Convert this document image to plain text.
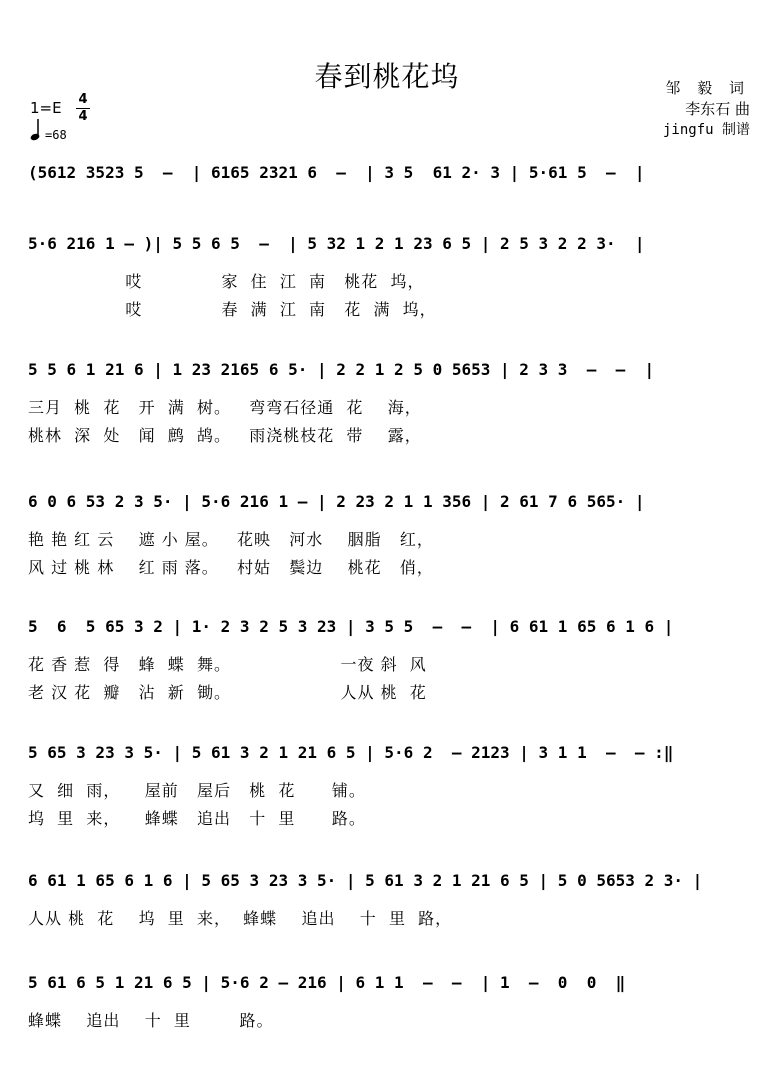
春到桃花坞	邹 毅 词
李东石 曲
jingfu 制谱
1=E 4
4
=68
(5612 3523 5  –  | 6165 2321 6  –  | 3 5  61 2· 3 | 5·61 5  –  |
5·6 216 1 – )| 5 5 6 5  –  | 5 32 1 2 1 23 6 5 | 2 5 3 2 2 3·  |
哎             家  住  江  南   桃花  坞，
哎             春  满  江  南   花  满  坞，
5 5 6 1 21 6 | 1 23 2165 6 5· | 2 2 1 2 5 0 5653 | 2 3 3  –  –  |
三月  桃  花   开  满  树。   弯弯石径通  花    海，
桃林  深  处   闻  鹧  鸪。   雨浇桃枝花  带    露，
6 0 6 53 2 3 5· | 5·6 216 1 – | 2 23 2 1 1 356 | 2 61 7 6 565· |
艳 艳 红 云    遮 小 屋。   花映   河水    胭脂   红，
风 过 桃 林    红 雨 落。   村姑   鬓边    桃花   俏，
5  6  5 65 3 2 | 1· 2 3 2 5 3 23 | 3 5 5  –  –  | 6 61 1 65 6 1 6 |
花 香 惹  得   蜂  蝶  舞。                  一夜 斜  风
老 汉 花  瓣   沾  新  锄。                  人从 桃  花
5 65 3 23 3 5· | 5 61 3 2 1 21 6 5 | 5·6 2  – 2123 | 3 1 1  –  – :‖
又  细  雨，    屋前   屋后   桃  花      铺。
坞  里  来，    蜂蝶   追出   十  里      路。
6 61 1 65 6 1 6 | 5 65 3 23 3 5· | 5 61 3 2 1 21 6 5 | 5 0 5653 2 3· |
人从 桃  花    坞  里  来，  蜂蝶    追出    十  里  路，
5 61 6 5 1 21 6 5 | 5·6 2 – 216 | 6 1 1  –  –  | 1  –  0  0  ‖
蜂蝶    追出    十  里        路。
